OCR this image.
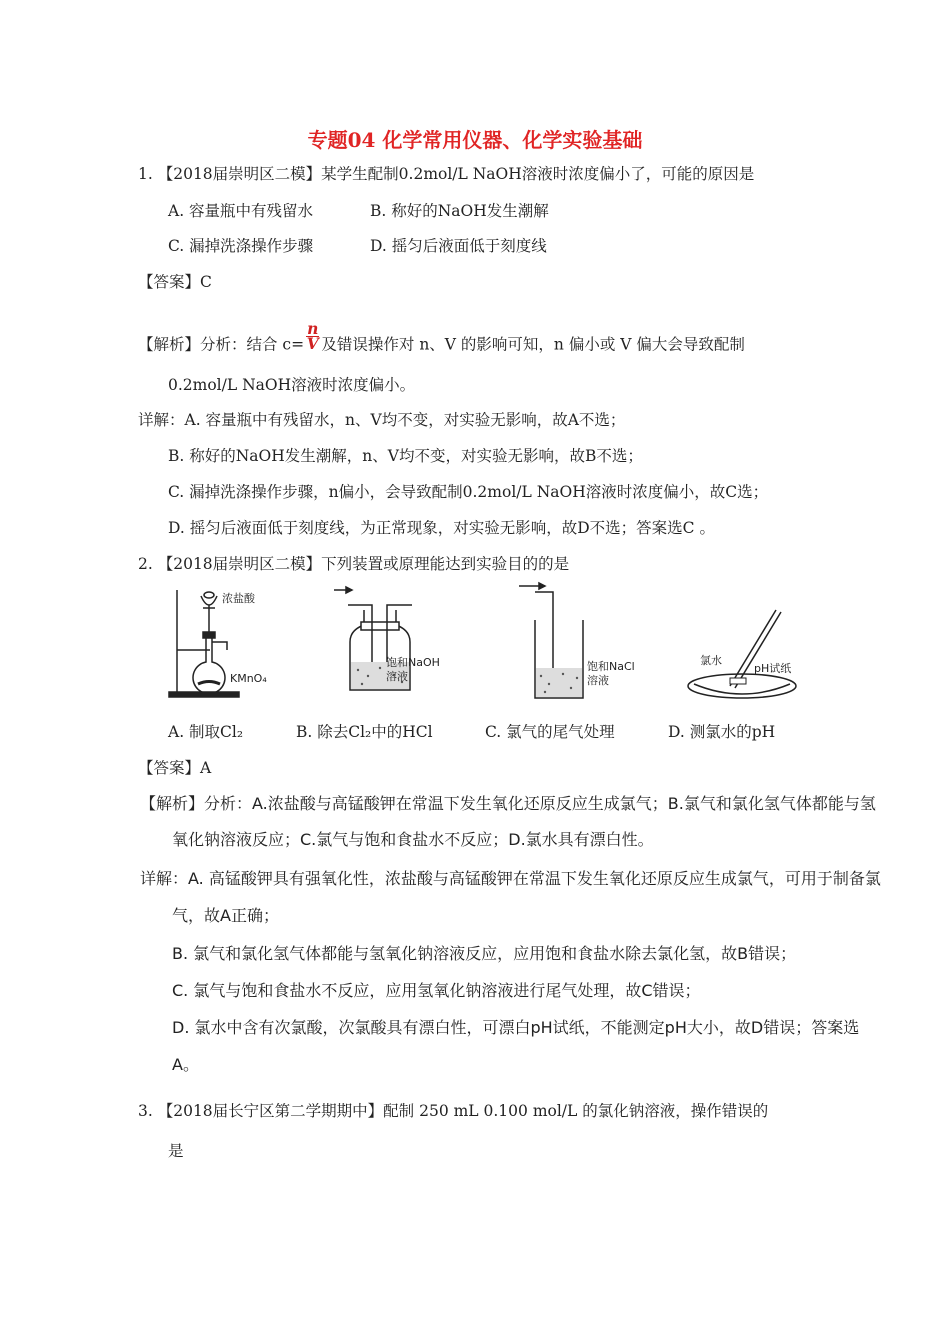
专题04 化学常用仪器、化学实验基础
1. 【2018届崇明区二模】某学生配制0.2mol/L NaOH溶液时浓度偏小了，可能的原因是
A. 容量瓶中有残留水	B. 称好的NaOH发生潮解
C. 漏掉洗涤操作步骤	D. 摇匀后液面低于刻度线
【答案】C
【解析】分析：结合 $c= \frac{n}{V}$ 及错误操作对 n、V 的影响可知，n 偏小或 V 偏大会导致配制
0.2mol/L NaOH溶液时浓度偏小。
详解：A. 容量瓶中有残留水，n、V均不变，对实验无影响，故A不选；
B. 称好的NaOH发生潮解，n、V均不变，对实验无影响，故B不选；
C. 漏掉洗涤操作步骤，n偏小，会导致配制0.2mol/L NaOH溶液时浓度偏小，故C选；
D. 摇匀后液面低于刻度线，为正常现象，对实验无影响，故D不选；答案选C 。
2. 【2018届崇明区二模】下列装置或原理能达到实验目的的是
浓盐酸
KMnO₄
饱和NaOH
溶液
饱和NaCl
溶液
氯水
pH试纸
A. 制取Cl₂	B. 除去Cl₂中的HCl	C. 氯气的尾气处理	D. 测氯水的pH
【答案】A
【解析】分析：A.浓盐酸与高锰酸钾在常温下发生氧化还原反应生成氯气；B.氯气和氯化氢气体都能与氢
氧化钠溶液反应；C.氯气与饱和食盐水不反应；D.氯水具有漂白性。
详解：A. 高锰酸钾具有强氧化性，浓盐酸与高锰酸钾在常温下发生氧化还原反应生成氯气，可用于制备氯
气，故A正确；
B. 氯气和氯化氢气体都能与氢氧化钠溶液反应，应用饱和食盐水除去氯化氢，故B错误；
C. 氯气与饱和食盐水不反应，应用氢氧化钠溶液进行尾气处理，故C错误；
D. 氯水中含有次氯酸，次氯酸具有漂白性，可漂白pH试纸，不能测定pH大小，故D错误；答案选
A。
3. 【2018届长宁区第二学期期中】配制 250 mL 0.100 mol/L 的氯化钠溶液，操作错误的
是
